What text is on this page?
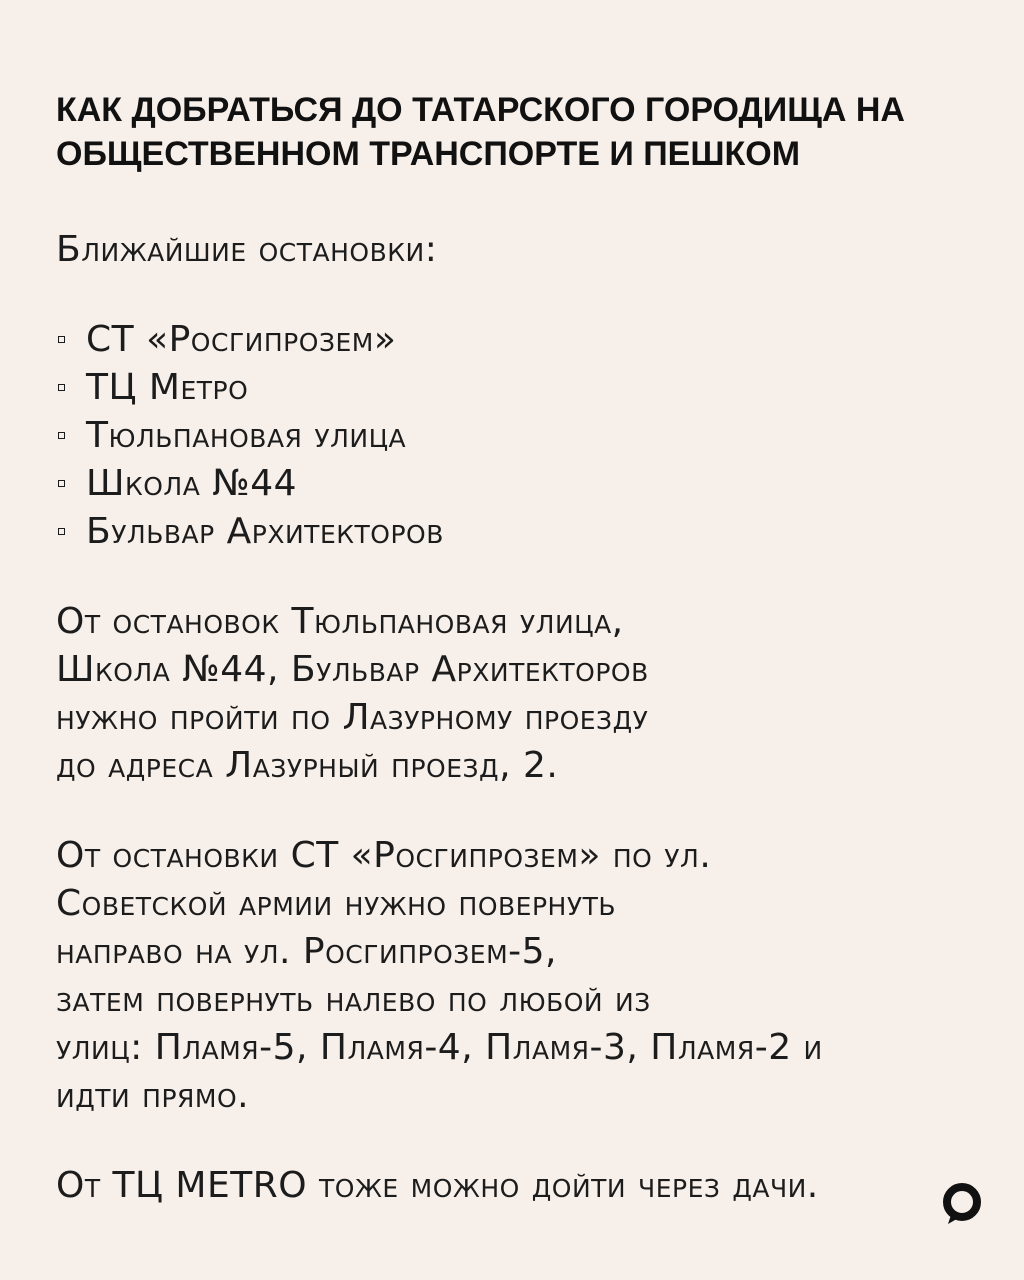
КАК ДОБРАТЬСЯ ДО ТАТАРСКОГО ГОРОДИЩА НА
ОБЩЕСТВЕННОМ ТРАНСПОРТЕ И ПЕШКОМ

Ближайшие остановки:

СТ «Росгипрозем»
ТЦ Метро
Тюльпановая улица
Школа №44
Бульвар Архитекторов

От остановок Тюльпановая улица,
Школа №44, Бульвар Архитекторов
нужно пройти по Лазурному проезду
до адреса Лазурный проезд, 2.

От остановки СТ «Росгипрозем» по ул.
Советской армии нужно повернуть
направо на ул. Росгипрозем-5,
затем повернуть налево по любой из
улиц: Пламя-5, Пламя-4, Пламя-3, Пламя-2 и
идти прямо.

От ТЦ METRO тоже можно дойти через дачи.
